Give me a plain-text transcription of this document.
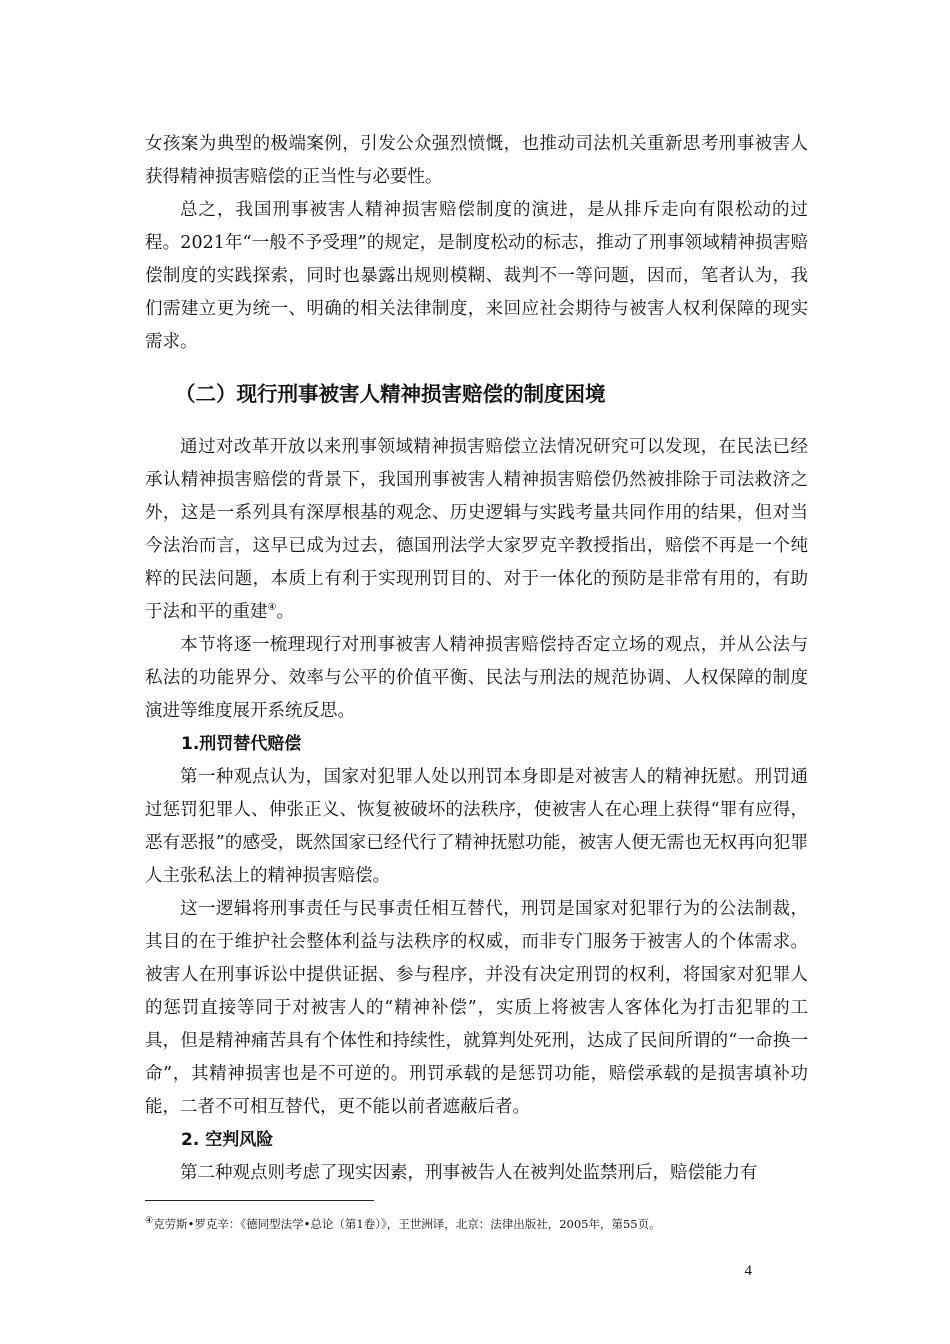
女孩案为典型的极端案例，引发公众强烈愤慨，也推动司法机关重新思考刑事被害人获得精神损害赔偿的正当性与必要性。

总之，我国刑事被害人精神损害赔偿制度的演进，是从排斥走向有限松动的过程。2021年“一般不予受理”的规定，是制度松动的标志，推动了刑事领域精神损害赔偿制度的实践探索，同时也暴露出规则模糊、裁判不一等问题，因而，笔者认为，我们需建立更为统一、明确的相关法律制度，来回应社会期待与被害人权利保障的现实需求。

（二）现行刑事被害人精神损害赔偿的制度困境

通过对改革开放以来刑事领域精神损害赔偿立法情况研究可以发现，在民法已经承认精神损害赔偿的背景下，我国刑事被害人精神损害赔偿仍然被排除于司法救济之外，这是一系列具有深厚根基的观念、历史逻辑与实践考量共同作用的结果，但对当今法治而言，这早已成为过去，德国刑法学大家罗克辛教授指出，赔偿不再是一个纯粹的民法问题，本质上有利于实现刑罚目的、对于一体化的预防是非常有用的，有助于法和平的重建④。

本节将逐一梳理现行对刑事被害人精神损害赔偿持否定立场的观点，并从公法与私法的功能界分、效率与公平的价值平衡、民法与刑法的规范协调、人权保障的制度演进等维度展开系统反思。

1.刑罚替代赔偿

第一种观点认为，国家对犯罪人处以刑罚本身即是对被害人的精神抚慰。刑罚通过惩罚犯罪人、伸张正义、恢复被破坏的法秩序，使被害人在心理上获得“罪有应得，恶有恶报”的感受，既然国家已经代行了精神抚慰功能，被害人便无需也无权再向犯罪人主张私法上的精神损害赔偿。

这一逻辑将刑事责任与民事责任相互替代，刑罚是国家对犯罪行为的公法制裁，其目的在于维护社会整体利益与法秩序的权威，而非专门服务于被害人的个体需求。被害人在刑事诉讼中提供证据、参与程序，并没有决定刑罚的权利，将国家对犯罪人的惩罚直接等同于对被害人的“精神补偿”，实质上将被害人客体化为打击犯罪的工具，但是精神痛苦具有个体性和持续性，就算判处死刑，达成了民间所谓的“一命换一命”，其精神损害也是不可逆的。刑罚承载的是惩罚功能，赔偿承载的是损害填补功能，二者不可相互替代，更不能以前者遮蔽后者。

2. 空判风险

第二种观点则考虑了现实因素，刑事被告人在被判处监禁刑后，赔偿能力有

④克劳斯•罗克辛：《德同型法学•总论（第1卷）》，王世洲译，北京：法律出版社，2005年，第55页。
4
